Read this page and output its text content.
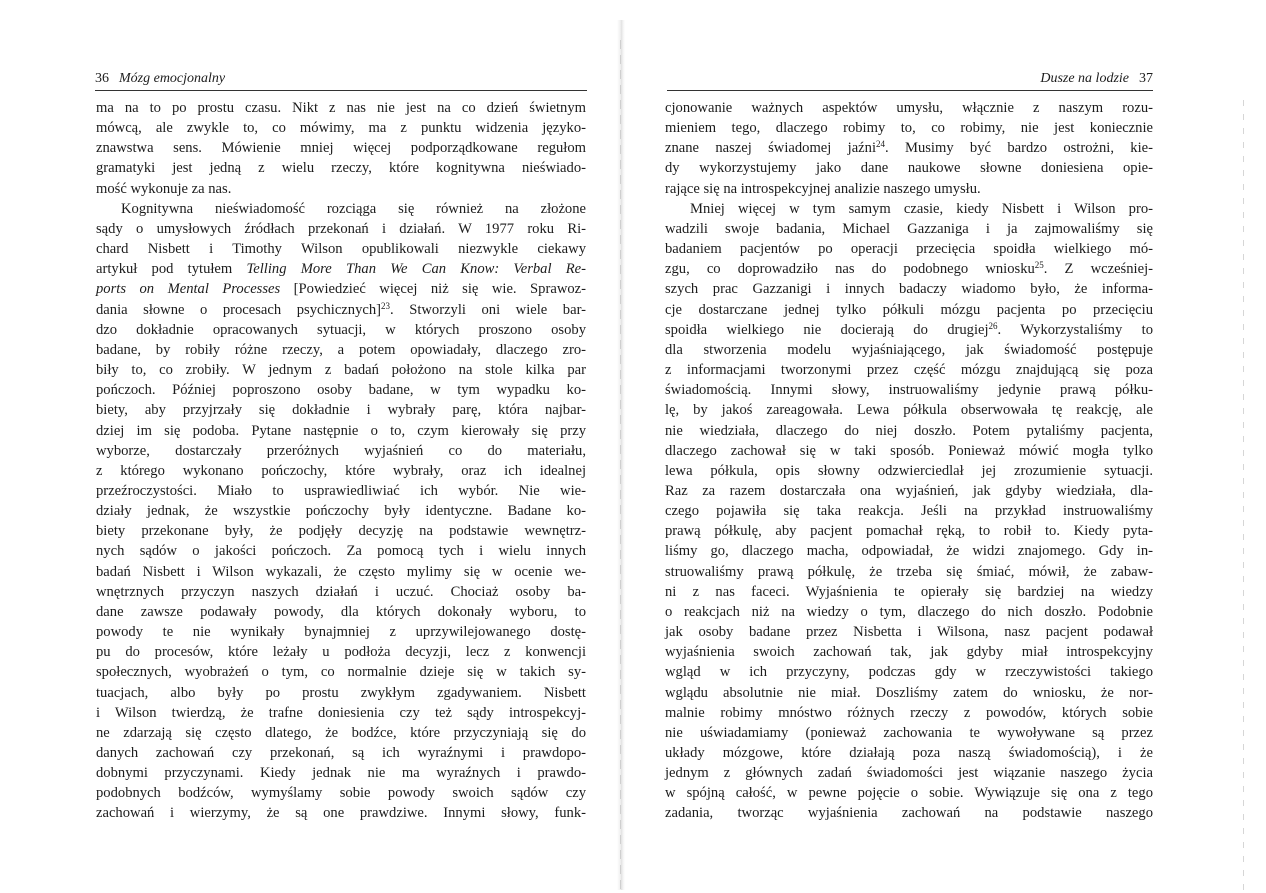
36 Mózg emocjonalny
ma na to po prostu czasu. Nikt z nas nie jest na co dzień świetnym
mówcą, ale zwykle to, co mówimy, ma z punktu widzenia języko-
znawstwa sens. Mówienie mniej więcej podporządkowane regułom
gramatyki jest jedną z wielu rzeczy, które kognitywna nieświado-
mość wykonuje za nas.
Kognitywna nieświadomość rozciąga się również na złożone
sądy o umysłowych źródłach przekonań i działań. W 1977 roku Ri-
chard Nisbett i Timothy Wilson opublikowali niezwykle ciekawy
artykuł pod tytułem Telling More Than We Can Know: Verbal Re-
ports on Mental Processes [Powiedzieć więcej niż się wie. Sprawoz-
dania słowne o procesach psychicznych]$^{23}$. Stworzyli oni wiele bar-
dzo dokładnie opracowanych sytuacji, w których proszono osoby
badane, by robiły różne rzeczy, a potem opowiadały, dlaczego zro-
biły to, co zrobiły. W jednym z badań położono na stole kilka par
pończoch. Później poproszono osoby badane, w tym wypadku ko-
biety, aby przyjrzały się dokładnie i wybrały parę, która najbar-
dziej im się podoba. Pytane następnie o to, czym kierowały się przy
wyborze, dostarczały przeróżnych wyjaśnień co do materiału,
z którego wykonano pończochy, które wybrały, oraz ich idealnej
przeźroczystości. Miało to usprawiedliwiać ich wybór. Nie wie-
działy jednak, że wszystkie pończochy były identyczne. Badane ko-
biety przekonane były, że podjęły decyzję na podstawie wewnętrz-
nych sądów o jakości pończoch. Za pomocą tych i wielu innych
badań Nisbett i Wilson wykazali, że często mylimy się w ocenie we-
wnętrznych przyczyn naszych działań i uczuć. Chociaż osoby ba-
dane zawsze podawały powody, dla których dokonały wyboru, to
powody te nie wynikały bynajmniej z uprzywilejowanego dostę-
pu do procesów, które leżały u podłoża decyzji, lecz z konwencji
społecznych, wyobrażeń o tym, co normalnie dzieje się w takich sy-
tuacjach, albo były po prostu zwykłym zgadywaniem. Nisbett
i Wilson twierdzą, że trafne doniesienia czy też sądy introspekcyj-
ne zdarzają się często dlatego, że bodźce, które przyczyniają się do
danych zachowań czy przekonań, są ich wyraźnymi i prawdopo-
dobnymi przyczynami. Kiedy jednak nie ma wyraźnych i prawdo-
podobnych bodźców, wymyślamy sobie powody swoich sądów czy
zachowań i wierzymy, że są one prawdziwe. Innymi słowy, funk-
Dusze na lodzie 37
cjonowanie ważnych aspektów umysłu, włącznie z naszym rozu-
mieniem tego, dlaczego robimy to, co robimy, nie jest koniecznie
znane naszej świadomej jaźni$^{24}$. Musimy być bardzo ostrożni, kie-
dy wykorzystujemy jako dane naukowe słowne doniesiena opie-
rające się na introspekcyjnej analizie naszego umysłu.
Mniej więcej w tym samym czasie, kiedy Nisbett i Wilson pro-
wadzili swoje badania, Michael Gazzaniga i ja zajmowaliśmy się
badaniem pacjentów po operacji przecięcia spoidła wielkiego mó-
zgu, co doprowadziło nas do podobnego wniosku$^{25}$. Z wcześniej-
szych prac Gazzanigi i innych badaczy wiadomo było, że informa-
cje dostarczane jednej tylko półkuli mózgu pacjenta po przecięciu
spoidła wielkiego nie docierają do drugiej$^{26}$. Wykorzystaliśmy to
dla stworzenia modelu wyjaśniającego, jak świadomość postępuje
z informacjami tworzonymi przez część mózgu znajdującą się poza
świadomością. Innymi słowy, instruowaliśmy jedynie prawą półku-
lę, by jakoś zareagowała. Lewa półkula obserwowała tę reakcję, ale
nie wiedziała, dlaczego do niej doszło. Potem pytaliśmy pacjenta,
dlaczego zachował się w taki sposób. Ponieważ mówić mogła tylko
lewa półkula, opis słowny odzwierciedlał jej zrozumienie sytuacji.
Raz za razem dostarczała ona wyjaśnień, jak gdyby wiedziała, dla-
czego pojawiła się taka reakcja. Jeśli na przykład instruowaliśmy
prawą półkulę, aby pacjent pomachał ręką, to robił to. Kiedy pyta-
liśmy go, dlaczego macha, odpowiadał, że widzi znajomego. Gdy in-
struowaliśmy prawą półkulę, że trzeba się śmiać, mówił, że zabaw-
ni z nas faceci. Wyjaśnienia te opierały się bardziej na wiedzy
o reakcjach niż na wiedzy o tym, dlaczego do nich doszło. Podobnie
jak osoby badane przez Nisbetta i Wilsona, nasz pacjent podawał
wyjaśnienia swoich zachowań tak, jak gdyby miał introspekcyjny
wgląd w ich przyczyny, podczas gdy w rzeczywistości takiego
wglądu absolutnie nie miał. Doszliśmy zatem do wniosku, że nor-
malnie robimy mnóstwo różnych rzeczy z powodów, których sobie
nie uświadamiamy (ponieważ zachowania te wywoływane są przez
układy mózgowe, które działają poza naszą świadomością), i że
jednym z głównych zadań świadomości jest wiązanie naszego życia
w spójną całość, w pewne pojęcie o sobie. Wywiązuje się ona z tego
zadania, tworząc wyjaśnienia zachowań na podstawie naszego
